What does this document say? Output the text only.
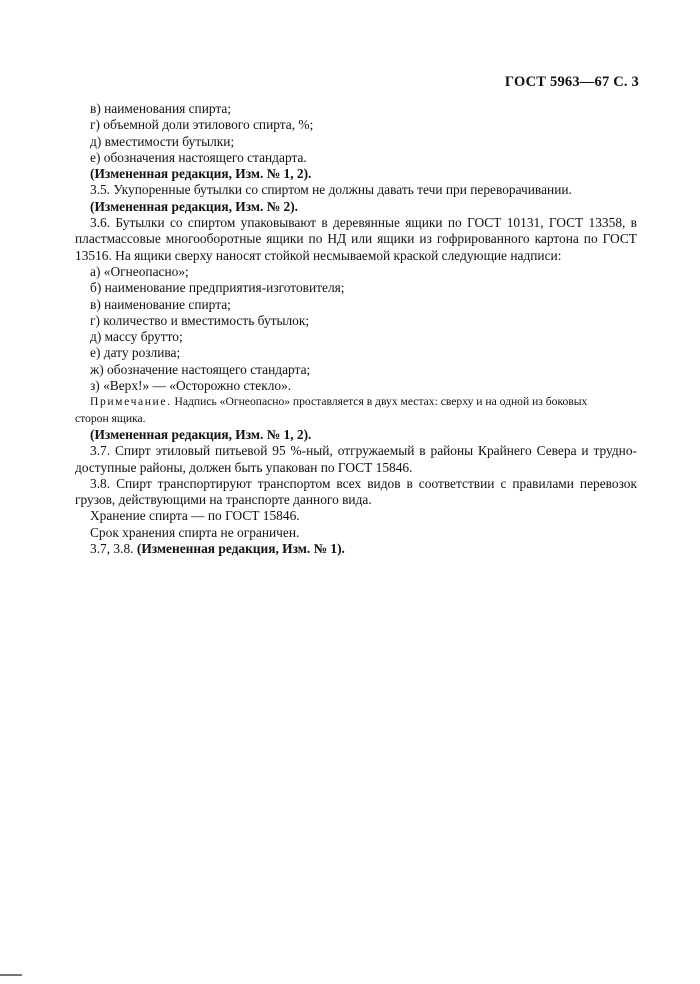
ГОСТ 5963—67 С. 3
в) наименования спирта;
г) объемной доли этилового спирта, %;
д) вместимости бутылки;
е) обозначения настоящего стандарта.
(Измененная редакция, Изм. № 1, 2).
3.5. Укупоренные бутылки со спиртом не должны давать течи при переворачивании.
(Измененная редакция, Изм. № 2).
3.6. Бутылки со спиртом упаковывают в деревянные ящики по ГОСТ 10131, ГОСТ 13358, в
пластмассовые многооборотные ящики по НД или ящики из гофрированного картона по ГОСТ
13516. На ящики сверху наносят стойкой несмываемой краской следующие надписи:
а) «Огнеопасно»;
б) наименование предприятия-изготовителя;
в) наименование спирта;
г) количество и вместимость бутылок;
д) массу брутто;
е) дату розлива;
ж) обозначение настоящего стандарта;
з) «Верх!» — «Осторожно стекло».
Примечание. Надпись «Огнеопасно» проставляется в двух местах: сверху и на одной из боковых
сторон ящика.
(Измененная редакция, Изм. № 1, 2).
3.7. Спирт этиловый питьевой 95 %-ный, отгружаемый в районы Крайнего Севера и трудно-
доступные районы, должен быть упакован по ГОСТ 15846.
3.8. Спирт транспортируют транспортом всех видов в соответствии с правилами перевозок
грузов, действующими на транспорте данного вида.
Хранение спирта — по ГОСТ 15846.
Срок хранения спирта не ограничен.
3.7, 3.8. (Измененная редакция, Изм. № 1).
